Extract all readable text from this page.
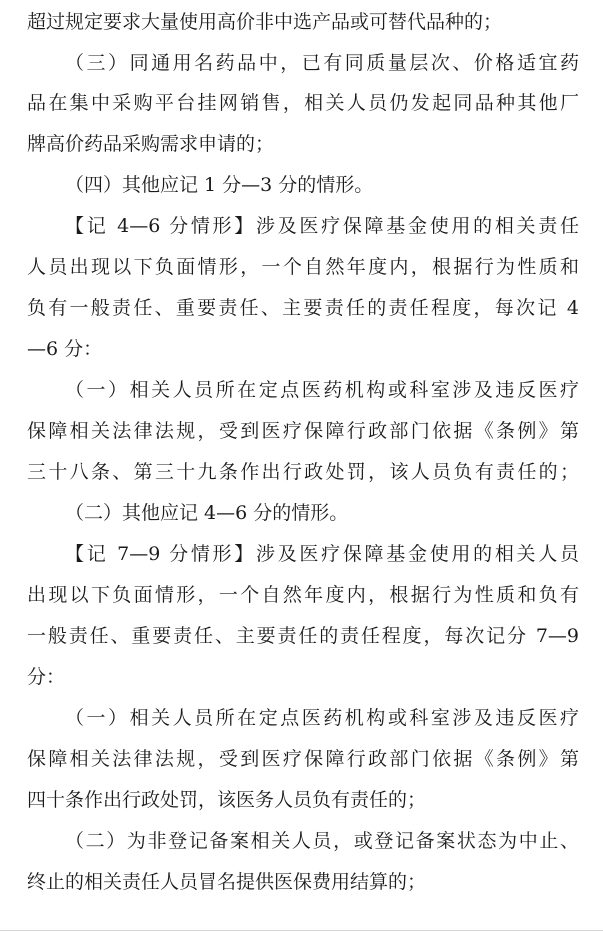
超过规定要求大量使用高价非中选产品或可替代品种的；
（三）同通用名药品中，已有同质量层次、价格适宜药
品在集中采购平台挂网销售，相关人员仍发起同品种其他厂
牌高价药品采购需求申请的；
（四）其他应记 1 分—3 分的情形。
【记 4—6 分情形】涉及医疗保障基金使用的相关责任
人员出现以下负面情形，一个自然年度内，根据行为性质和
负有一般责任、重要责任、主要责任的责任程度，每次记 4
—6 分：
（一）相关人员所在定点医药机构或科室涉及违反医疗
保障相关法律法规，受到医疗保障行政部门依据《条例》第
三十八条、第三十九条作出行政处罚，该人员负有责任的；
（二）其他应记 4—6 分的情形。
【记 7—9 分情形】涉及医疗保障基金使用的相关人员
出现以下负面情形，一个自然年度内，根据行为性质和负有
一般责任、重要责任、主要责任的责任程度，每次记分 7—9
分：
（一）相关人员所在定点医药机构或科室涉及违反医疗
保障相关法律法规，受到医疗保障行政部门依据《条例》第
四十条作出行政处罚，该医务人员负有责任的；
（二）为非登记备案相关人员，或登记备案状态为中止、
终止的相关责任人员冒名提供医保费用结算的；
